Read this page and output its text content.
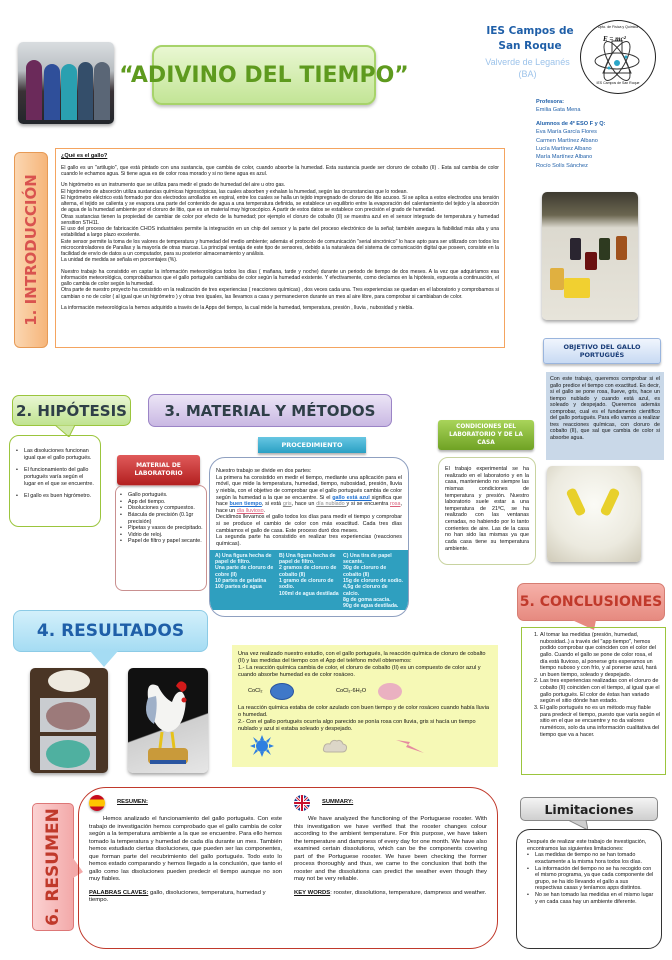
“ADIVINO DEL TIEMPO”
IES Campos de
San Roque
Valverde de Leganés
(BA)
E = mc²
Dpto. de Física y Química
IES Campos de San Roque
Profesora:
Emilia Gata Mena
Alumnos de 4º ESO F y Q:
Eva María García Flores
Carmen Martínez Albano
Lucía Martínez Albano
María Martínez Albano
Rocío Solís Sánchez
1. INTRODUCCIÓN
¿Qué es el gallo?

El gallo es un "artilugio", que está pintado con una sustancia, que cambia de color, cuando absorbe la humedad. Esta sustancia puede ser cloruro de cobalto (II) . Esta sal cambia de color cuando le echamos agua. Si tiene agua es de color rosa morado y si no tiene agua es azul.

Un higrómetro es un instrumento que se utiliza para medir el grado de humedad del aire u otro gas.

El higrómetro de absorción utiliza sustancias químicas higroscópicas, las cuales absorben y exhalan la humedad, según las circunstancias que lo rodean.

El higrómetro eléctrico está formado por dos electrodos arrollados en espiral, entre los cuales se halla un tejido impregnado de cloruro de litio acuoso. Si se aplica a estos electrodos una tensión alterna, el tejido se calienta y se evapora una parte del contenido de agua a una temperatura definida, se establece un equilibrio entre la evaporación del calentamiento del tejido y la absorción de agua de la humedad ambiente por el cloruro de litio, que es un material muy higroscópico. A partir de estos datos se establece con precisión el grado de humedad.

Otras sustancias tienen la propiedad de cambiar de color por efecto de la humedad; por ejemplo el cloruro de cobalto (II) se muestra azul en el sensor integrado de temperatura y humedad sensition STH11.

El uso del proceso de fabricación CHOS industriales permite la integración en un chip del sensor y la parte del proceso electrónico de la señal; también asegura la fiabilidad más alta y una estabilidad a largo plazo excelente.

Este sensor permite la toma de los valores de temperatura y humedad del medio ambiente; además el protocolo de comunicación "serial sincrónico" lo hace apto para ser utilizado con todos los microcontroladores de Parallax y la mayoría de otras marcas. La principal ventaja de este tipo de sensores, debido a la naturaleza del sistema de comunicación digital que poseen, consiste en la facilidad de envío de datos a un computador, para su posterior almacenamiento y análisis.

La unidad de medida se señala en porcentajes (%).

Nuestro trabajo ha consistido en captar la información meteorológica todos los días ( mañana, tarde y noche) durante un periodo de tiempo de dos meses. A la vez que adquiríamos esa información meteorológica, comprobábamos que el gallo portugués cambiaba de color según la humedad existente. Y efectivamente, como decíamos en la hipótesis, expuesta a continuación, el gallo cambia de color según la humedad.

Otra parte de nuestro proyecto ha consistido en la realización de tres experiencias ( reacciones químicas) , dos veces cada una. Tres experiencias se quedan en el laboratorio y comprobamos si cambian o no de color ( al igual que un higrómetro ) y otras tres iguales, las llevamos a casa y permanecieron durante un mes al aire libre, para comprobar si cambiaban de color.

La información meteorológica la hemos adquirido a través de la Apps del tiempo, la cual mide la humedad, temperatura, presión , lluvia , nubosidad y niebla.

OBJETIVO DEL GALLO PORTUGUÉS
Con este trabajo, queremos comprobar si el gallo predice el tiempo con exactitud. Es decir, si el gallo se pone rosa, llueve, gris, hace un tiempo nublado y cuando está azul, es soleado y despejado. Queremos además comprobar, cual es el fundamento científico del gallo portugués. Para ello vamos a realizar tres reacciones químicas, con cloruro de cobalto (II), que sal que cambia de color si absorbe agua.
2. HIPÓTESIS
• Las disoluciones funcionan igual que el gallo portugués.
• El funcionamiento del gallo portugués varía según el lugar en el que se encuentre.
• El gallo es buen higrómetro.
3. MATERIAL Y MÉTODOS
MATERIAL DE LABORATORIO
• Gallo portugués.
• App del tiempo.
• Disoluciones y compuestos.
• Báscula de precisión (0.1gr precisión)
• Pipetas y vasos de precipitado.
• Vidrio de reloj.
• Papel de filtro y papel secante.
PROCEDIMIENTO
Nuestro trabajo se divide en dos partes:
La primera ha consistido en medir el tiempo, mediante una aplicación para el móvil, que mide la temperatura, humedad, tiempo, nubosidad, presión, lluvia y niebla, con el objetivo de comprobar que el gallo portugués cambia de color según la humedad a la que se encuentre. Si el gallo está azul significa que hace buen tiempo, si está gris, hace un día nublado y si se encuentra rosa, hace un día lluvioso.
Decidimos llevarnos el gallo todos los días para medir el tiempo y comprobar si se produce el cambio de color con más exactitud. Cada tres días cambiamos el gallo de casa. Este proceso duró dos meses.
La segunda parte ha consistido en realizar tres experiencias (reacciones químicas).
A) Una figura hecha de papel de filtro.
Una parte de cloruro de cobre (II)
10 partes de gelatina
100 partes de agua
B) Una figura hecha de papel de filtro.
2 gramos de cloruro de cobalto (II)
1 gramo de cloruro de sodio.
100ml de agua destilada
C) Una tira de papel secante.
30g de cloruro de cobalto (II)
15g de cloruro de sodio.
4,5g de cloruro de calcio.
8g de goma acacia.
90g de agua destilada.
CONDICIONES DEL LABORATORIO Y DE LA CASA
El trabajo experimental se ha realizado en el laboratorio y en la casa, manteniendo no siempre las mismas condiciones de temperatura y presión. Nuestro laboratorio suele estar a una temperatura de 21ºC, se ha realizado con las ventanas cerradas, no habiendo por lo tanto corrientes de aire. Las de la casa no han sido las mismas ya que cada casa tiene su temperatura ambiente.
4. RESULTADOS

Una vez realizado nuestro estudio, con el gallo portugués, la reacción química de cloruro de cobalto (II) y las medidas del tiempo con el App del teléfono móvil obtenemos:

1.- La reacción química cambia de color, el cloruro de cobalto (II) es un compuesto de color azul y cuando absorbe humedad es de color rosáceo.

CoCl₂	CoCl₂·6H₂O

La reacción química estaba de color azulado con buen tiempo y de color rosáceo cuando había lluvia o humedad.

2.- Con el gallo portugués ocurría algo parecido se ponía rosa con lluvia, gris si hacía un tiempo nublado y azul si estaba soleado y despejado.

5. CONCLUSIONES
1. Al tomar las medidas (presión, humedad, nubosidad..) a través del "app tiempo", hemos podido comprobar que coinciden con el color del gallo. Cuando el gallo se pone de color rosa, el día está lluvioso, al ponerse gris esperamos un tiempo nuboso y con frío, y al ponerse azul, hará un buen tiempo, soleado y despejado.
2. Las tres experiencias realizadas con el cloruro de cobalto (II) coinciden con el tiempo, al igual que el gallo portugués. El color de éstas han variado según el sitio dónde han estado.
3. El gallo portugués no es un método muy fiable para predecir el tiempo, puesto que varía según el sitio en el que se encuentre y no da valores numéricos, solo da una información cualitativa del tiempo que va a hacer.
6. RESUMEN
RESUMEN:

Hemos analizado el funcionamiento del gallo portugués. Con este trabajo de investigación hemos comprobado que el gallo cambia de color según a la temperatura ambiente a la que se encuentre. Para ello hemos tomado la temperatura y humedad de cada día durante un mes. También hemos estudiado ciertas disoluciones, que pueden ser las componentes, que forman parte del recubrimiento del gallo portugués. Todo esto lo hemos estado comparando y hemos llegado a la conclusión, que tanto el gallo como las disoluciones pueden predecir el tiempo aunque no son muy fiables.

PALABRAS CLAVES: gallo, disoluciones, temperatura, humedad y tiempo.

SUMMARY:

We have analyzed the functioning of the Portuguese rooster. With this investigation we have verified that the rooster changes colour according to the ambient temperature. For this purpose, we have taken the temperature and dampness of every day for one month. We have also examined certain dissolutions, which can be the components covering part of the Portuguese rooster. We have been checking the former process thoroughly and thus, we came to the conclusion that both the rooster and the dissolutions can predict the weather even though they may not be very reliable.

KEY WORDS: rooster, dissolutions, temperature, dampness and weather.

Limitaciones

Después de realizar este trabajo de investigación, encontramos las siguientes limitaciones:

• Las medidas de tiempo no se han tomado exactamente a la misma hora todos los días.
• La información del tiempo no se ha recogido con el mismo programa, ya que cada componente del grupo, se ha ido llevando el gallo a sus respectivas casas y teníamos apps distintos.
• No se han tomado las medidas en el mismo lugar y en cada casa hay un ambiente diferente.
